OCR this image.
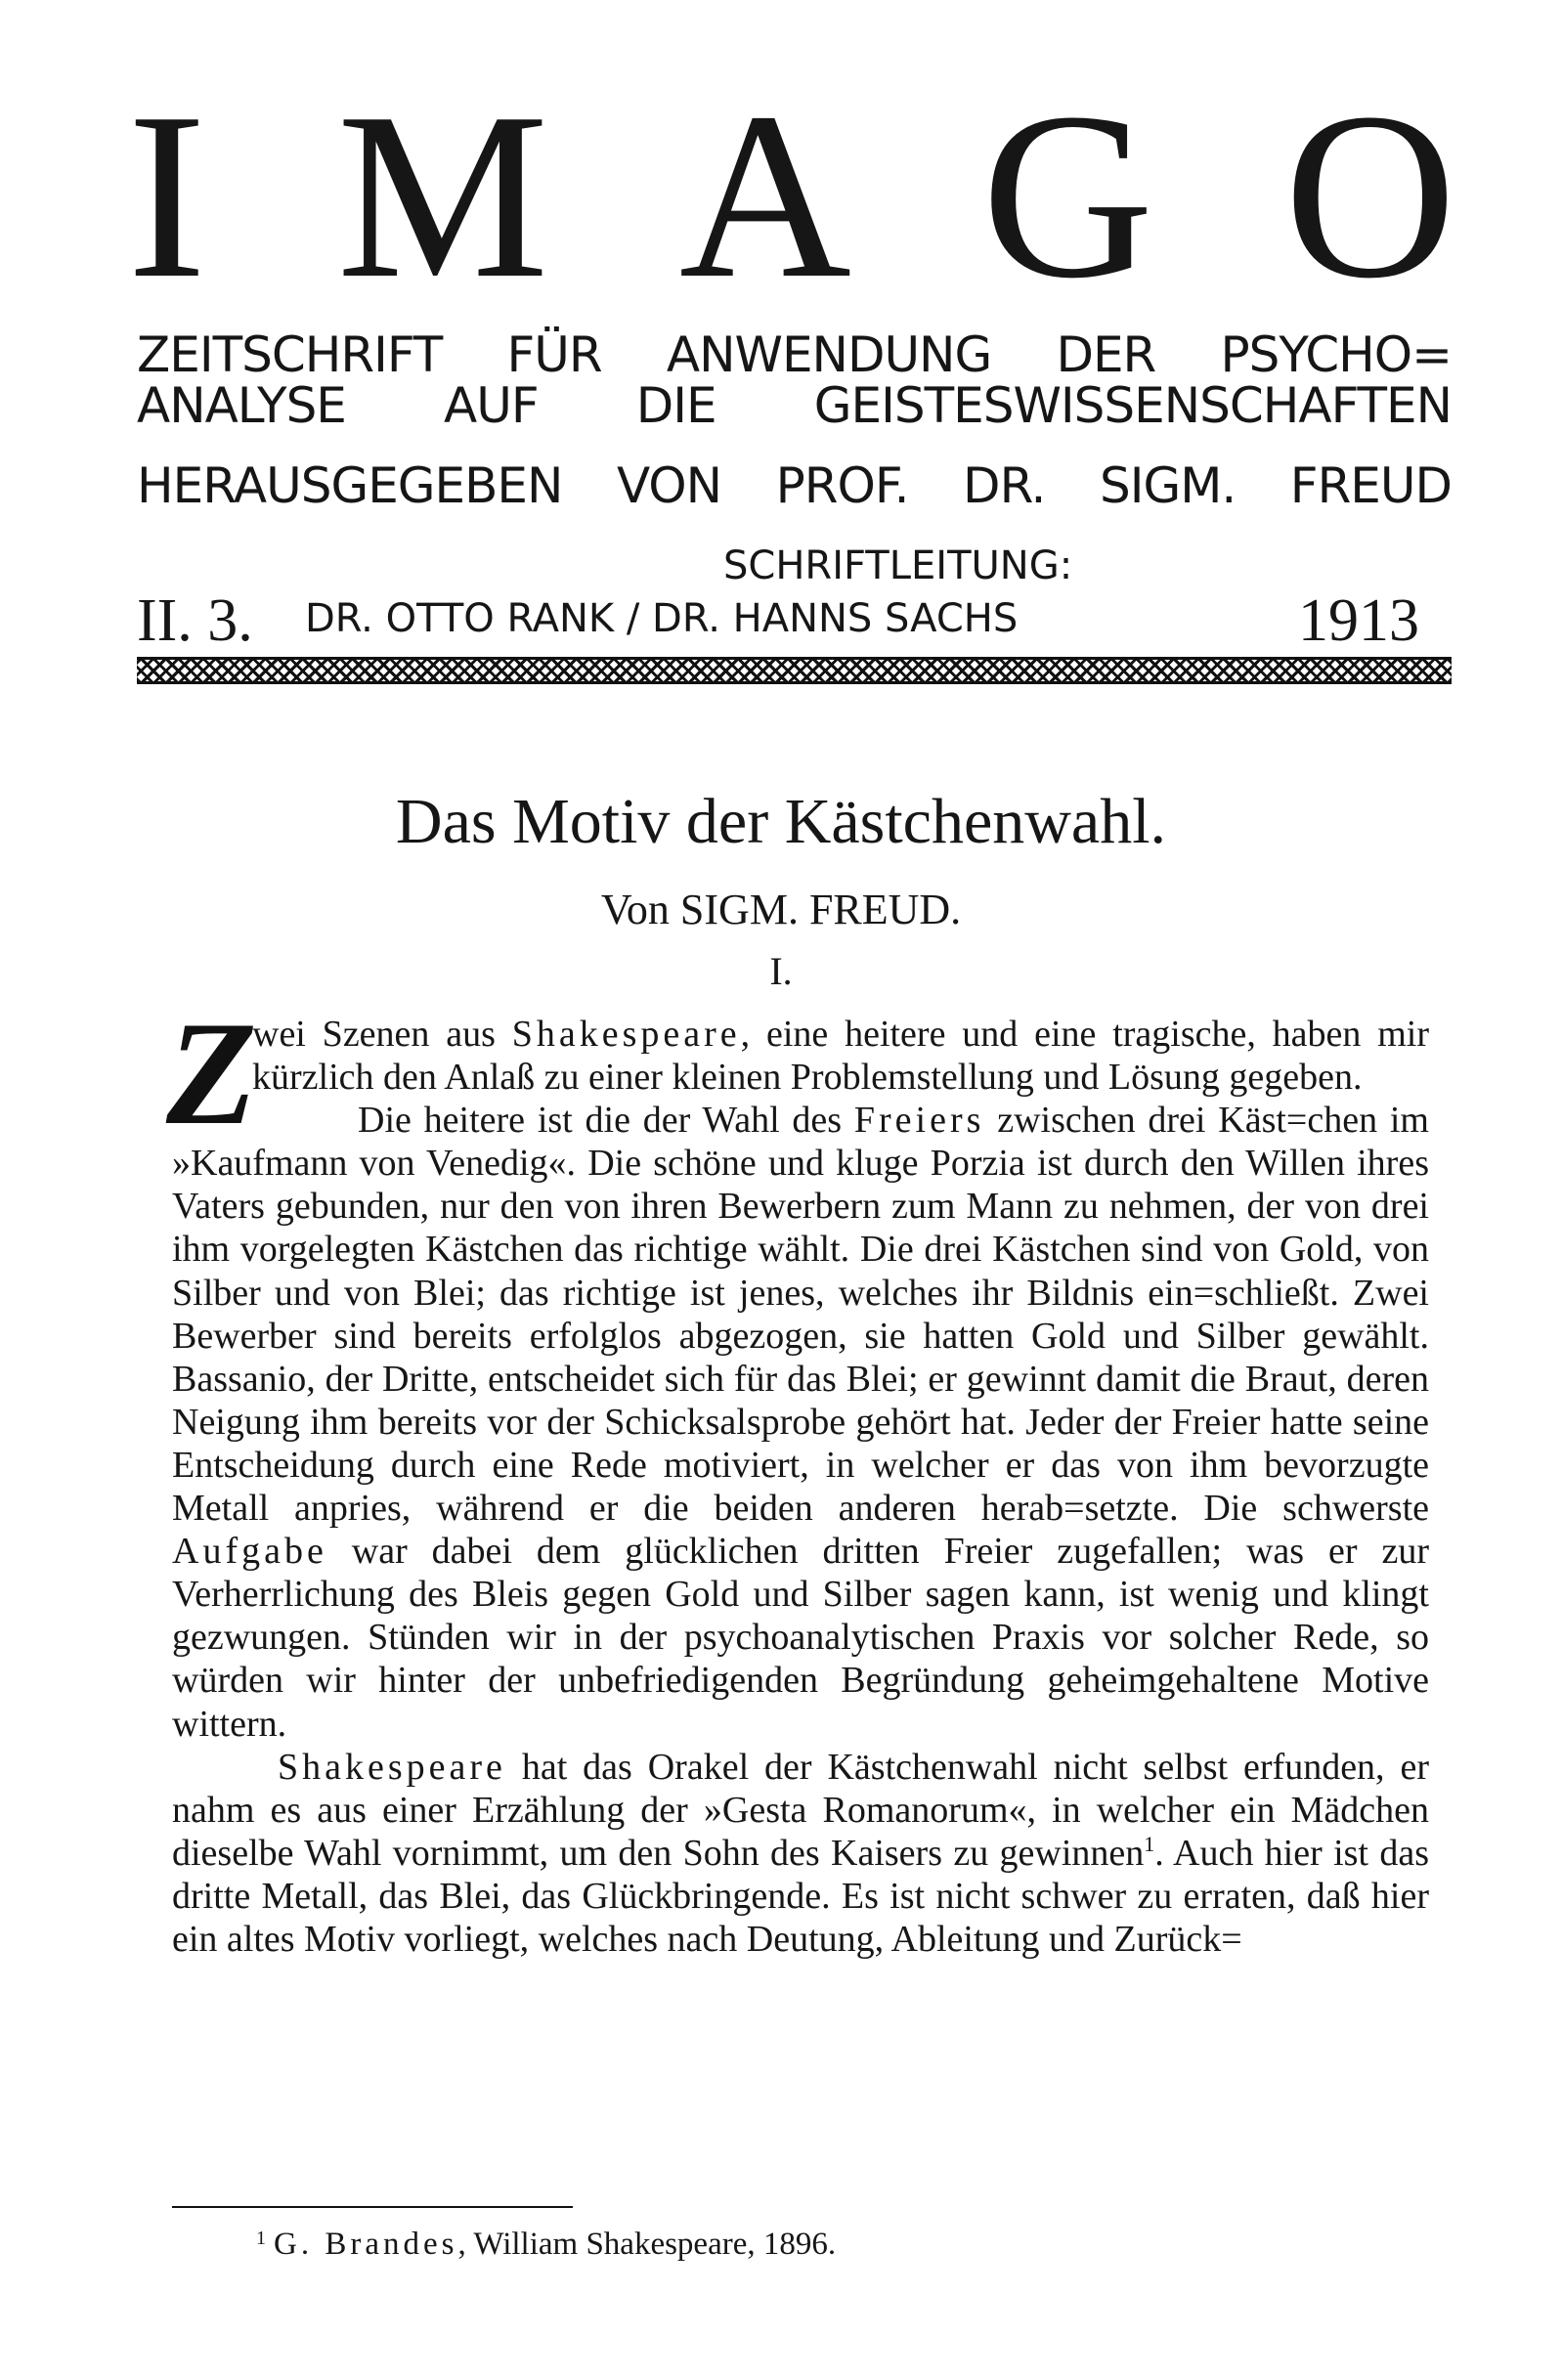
I M A G O
ZEITSCHRIFT FÜR ANWENDUNG DER PSYCHO=
ANALYSE AUF DIE GEISTESWISSENSCHAFTEN
HERAUSGEGEBEN VON PROF. DR. SIGM. FREUD
SCHRIFTLEITUNG:
II. 3. DR. OTTO RANK / DR. HANNS SACHS	1913
Das Motiv der Kästchenwahl.
Von SIGM. FREUD.
I.
Z

wei Szenen aus Shakespeare, eine heitere und eine tragische, haben mir kürzlich den Anlaß zu einer kleinen Problemstellung und Lösung gegeben.

Die heitere ist die der Wahl des Freiers zwischen drei Käst=chen im »Kaufmann von Venedig«. Die schöne und kluge Porzia ist durch den Willen ihres Vaters gebunden, nur den von ihren Bewerbern zum Mann zu nehmen, der von drei ihm vorgelegten Kästchen das richtige wählt. Die drei Kästchen sind von Gold, von Silber und von Blei; das richtige ist jenes, welches ihr Bildnis ein=schließt. Zwei Bewerber sind bereits erfolglos abgezogen, sie hatten Gold und Silber gewählt. Bassanio, der Dritte, entscheidet sich für das Blei; er gewinnt damit die Braut, deren Neigung ihm bereits vor der Schicksalsprobe gehört hat. Jeder der Freier hatte seine Entscheidung durch eine Rede motiviert, in welcher er das von ihm bevorzugte Metall anpries, während er die beiden anderen herab=setzte. Die schwerste Aufgabe war dabei dem glücklichen dritten Freier zugefallen; was er zur Verherrlichung des Bleis gegen Gold und Silber sagen kann, ist wenig und klingt gezwungen. Stünden wir in der psychoanalytischen Praxis vor solcher Rede, so würden wir hinter der unbefriedigenden Begründung geheimgehaltene Motive wittern.

Shakespeare hat das Orakel der Kästchenwahl nicht selbst erfunden, er nahm es aus einer Erzählung der »Gesta Romanorum«, in welcher ein Mädchen dieselbe Wahl vornimmt, um den Sohn des Kaisers zu gewinnen$^1$. Auch hier ist das dritte Metall, das Blei, das Glückbringende. Es ist nicht schwer zu erraten, daß hier ein altes Motiv vorliegt, welches nach Deutung, Ableitung und Zurück=

$^1$ G. Brandes, William Shakespeare, 1896.
